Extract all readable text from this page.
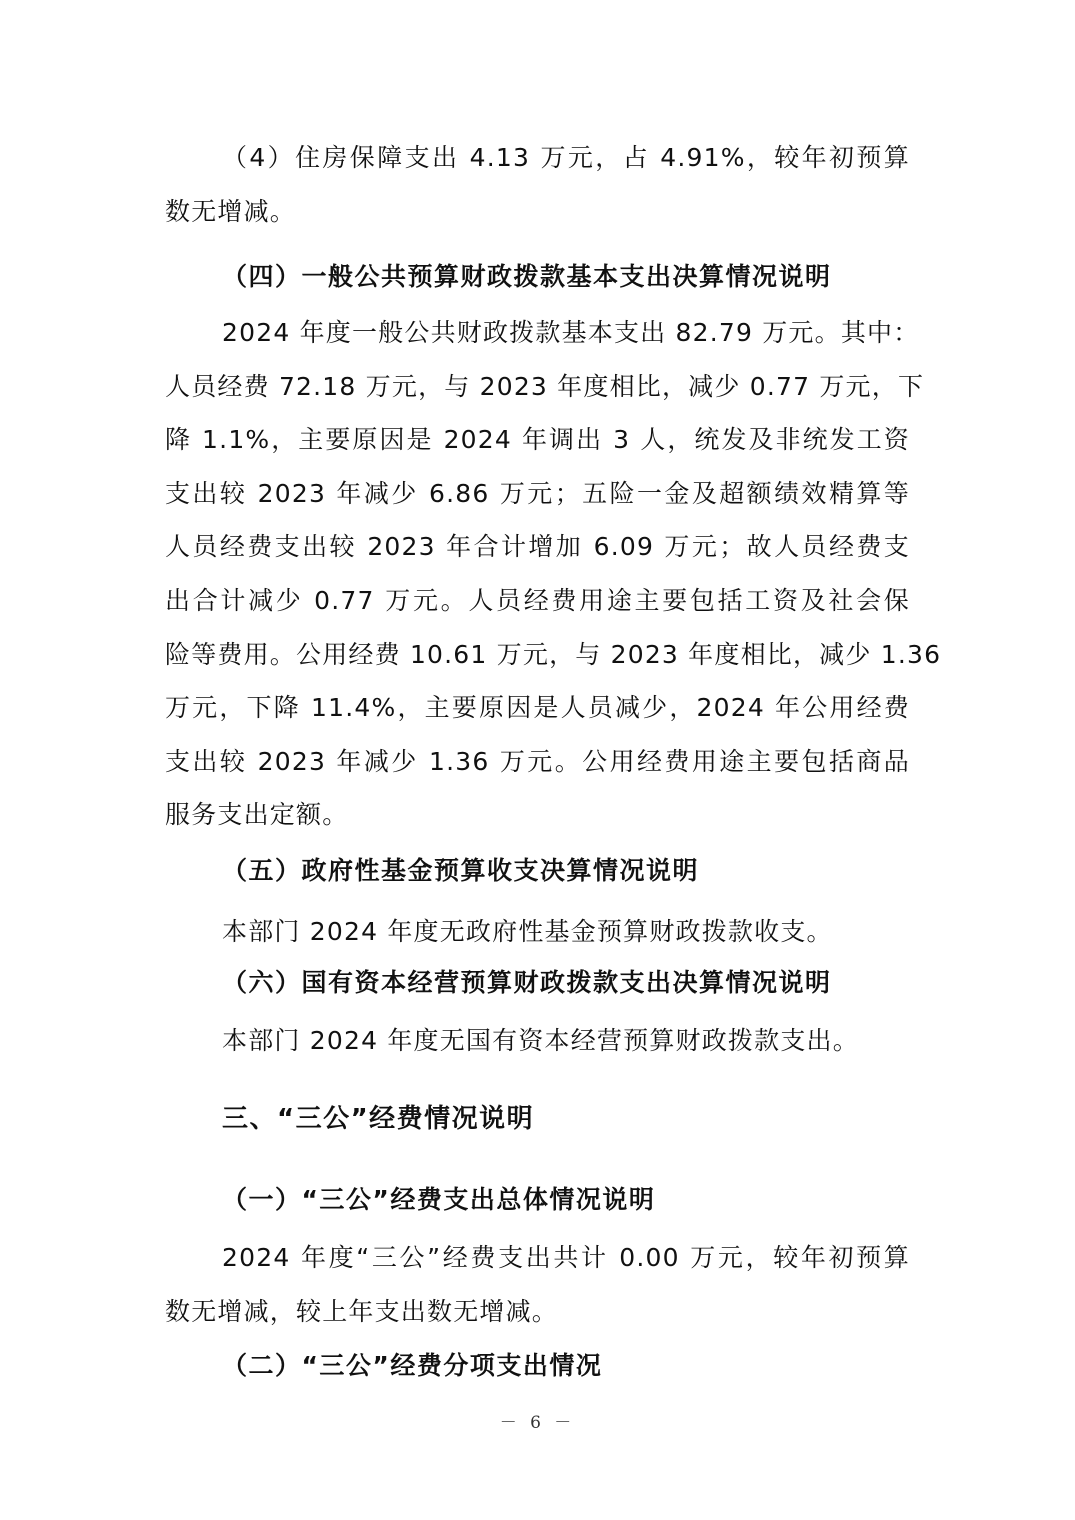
（4）住房保障支出 4.13 万元，占 4.91%，较年初预算
数无增减。
（四）一般公共预算财政拨款基本支出决算情况说明
2024 年度一般公共财政拨款基本支出 82.79 万元。其中：
人员经费 72.18 万元，与 2023 年度相比，减少 0.77 万元，下
降 1.1%，主要原因是 2024 年调出 3 人，统发及非统发工资
支出较 2023 年减少 6.86 万元；五险一金及超额绩效精算等
人员经费支出较 2023 年合计增加 6.09 万元；故人员经费支
出合计减少 0.77 万元。人员经费用途主要包括工资及社会保
险等费用。公用经费 10.61 万元，与 2023 年度相比，减少 1.36
万元，下降 11.4%，主要原因是人员减少，2024 年公用经费
支出较 2023 年减少 1.36 万元。公用经费用途主要包括商品
服务支出定额。
（五）政府性基金预算收支决算情况说明
本部门 2024 年度无政府性基金预算财政拨款收支。
（六）国有资本经营预算财政拨款支出决算情况说明
本部门 2024 年度无国有资本经营预算财政拨款支出。
三、“三公”经费情况说明
（一）“三公”经费支出总体情况说明
2024 年度“三公”经费支出共计 0.00 万元，较年初预算
数无增减，较上年支出数无增减。
（二）“三公”经费分项支出情况
－ 6 －
